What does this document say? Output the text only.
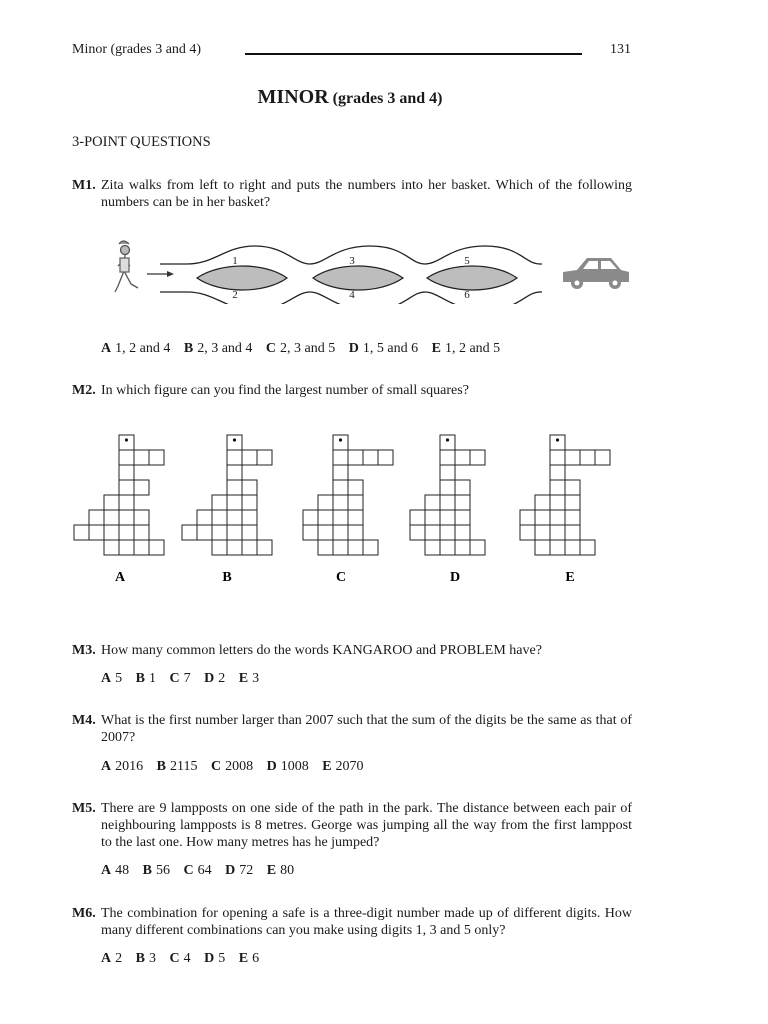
Minor (grades 3 and 4)	131
MINOR (grades 3 and 4)
3-POINT QUESTIONS
M1. Zita walks from left to right and puts the numbers into her basket. Which of the following numbers can be in her basket?
1	3	5
2	4	6
A 1, 2 and 4 B 2, 3 and 4 C 2, 3 and 5 D 1, 5 and 6 E 1, 2 and 5
M2. In which figure can you find the largest number of small squares?
A	B	C	D	E
M3. How many common letters do the words KANGAROO and PROBLEM have?
A 5 B 1 C 7 D 2 E 3
M4. What is the first number larger than 2007 such that the sum of the digits be the same as that of 2007?
A 2016 B 2115 C 2008 D 1008 E 2070
M5. There are 9 lampposts on one side of the path in the park. The distance between each pair of neighbouring lampposts is 8 metres. George was jumping all the way from the first lamppost to the last one. How many metres has he jumped?
A 48 B 56 C 64 D 72 E 80
M6. The combination for opening a safe is a three-digit number made up of different digits. How many different combinations can you make using digits 1, 3 and 5 only?
A 2 B 3 C 4 D 5 E 6
